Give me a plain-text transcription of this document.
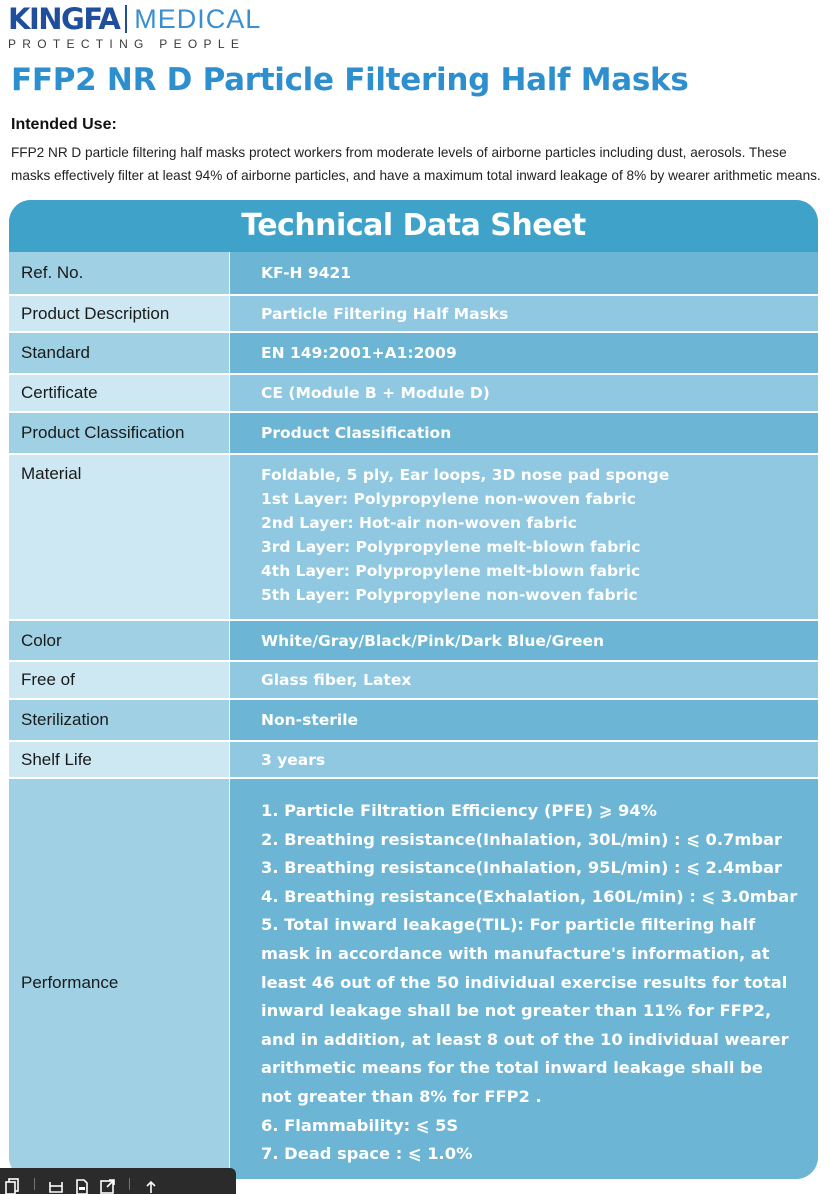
KINGFA MEDICAL
PROTECTING PEOPLE
FFP2 NR D Particle Filtering Half Masks
Intended Use:
FFP2 NR D particle filtering half masks protect workers from moderate levels of airborne particles including dust, aerosols. These
masks effectively filter at least 94% of airborne particles, and have a maximum total inward leakage of 8% by wearer arithmetic means.
Technical Data Sheet
Ref. No.	KF-H 9421
Product Description	Particle Filtering Half Masks
Standard	EN 149:2001+A1:2009
Certificate	CE (Module B + Module D)
Product Classification	Product Classification
Material	Foldable, 5 ply, Ear loops, 3D nose pad sponge
1st Layer: Polypropylene non-woven fabric
2nd Layer: Hot-air non-woven fabric
3rd Layer: Polypropylene melt-blown fabric
4th Layer: Polypropylene melt-blown fabric
5th Layer: Polypropylene non-woven fabric
Color	White/Gray/Black/Pink/Dark Blue/Green
Free of	Glass fiber, Latex
Sterilization	Non-sterile
Shelf Life	3 years
Performance
1. Particle Filtration Efficiency (PFE) ⩾ 94%
2. Breathing resistance(Inhalation, 30L/min) : ⩽ 0.7mbar
3. Breathing resistance(Inhalation, 95L/min) : ⩽ 2.4mbar
4. Breathing resistance(Exhalation, 160L/min) : ⩽ 3.0mbar
5. Total inward leakage(TIL): For particle filtering half mask in accordance with manufacture's information, at least 46 out of the 50 individual exercise results for total inward leakage shall be not greater than 11% for FFP2, and in addition, at least 8 out of the 10 individual wearer arithmetic means for the total inward leakage shall be not greater than 8% for FFP2 .
6. Flammability: ⩽ 5S
7. Dead space : ⩽ 1.0%
